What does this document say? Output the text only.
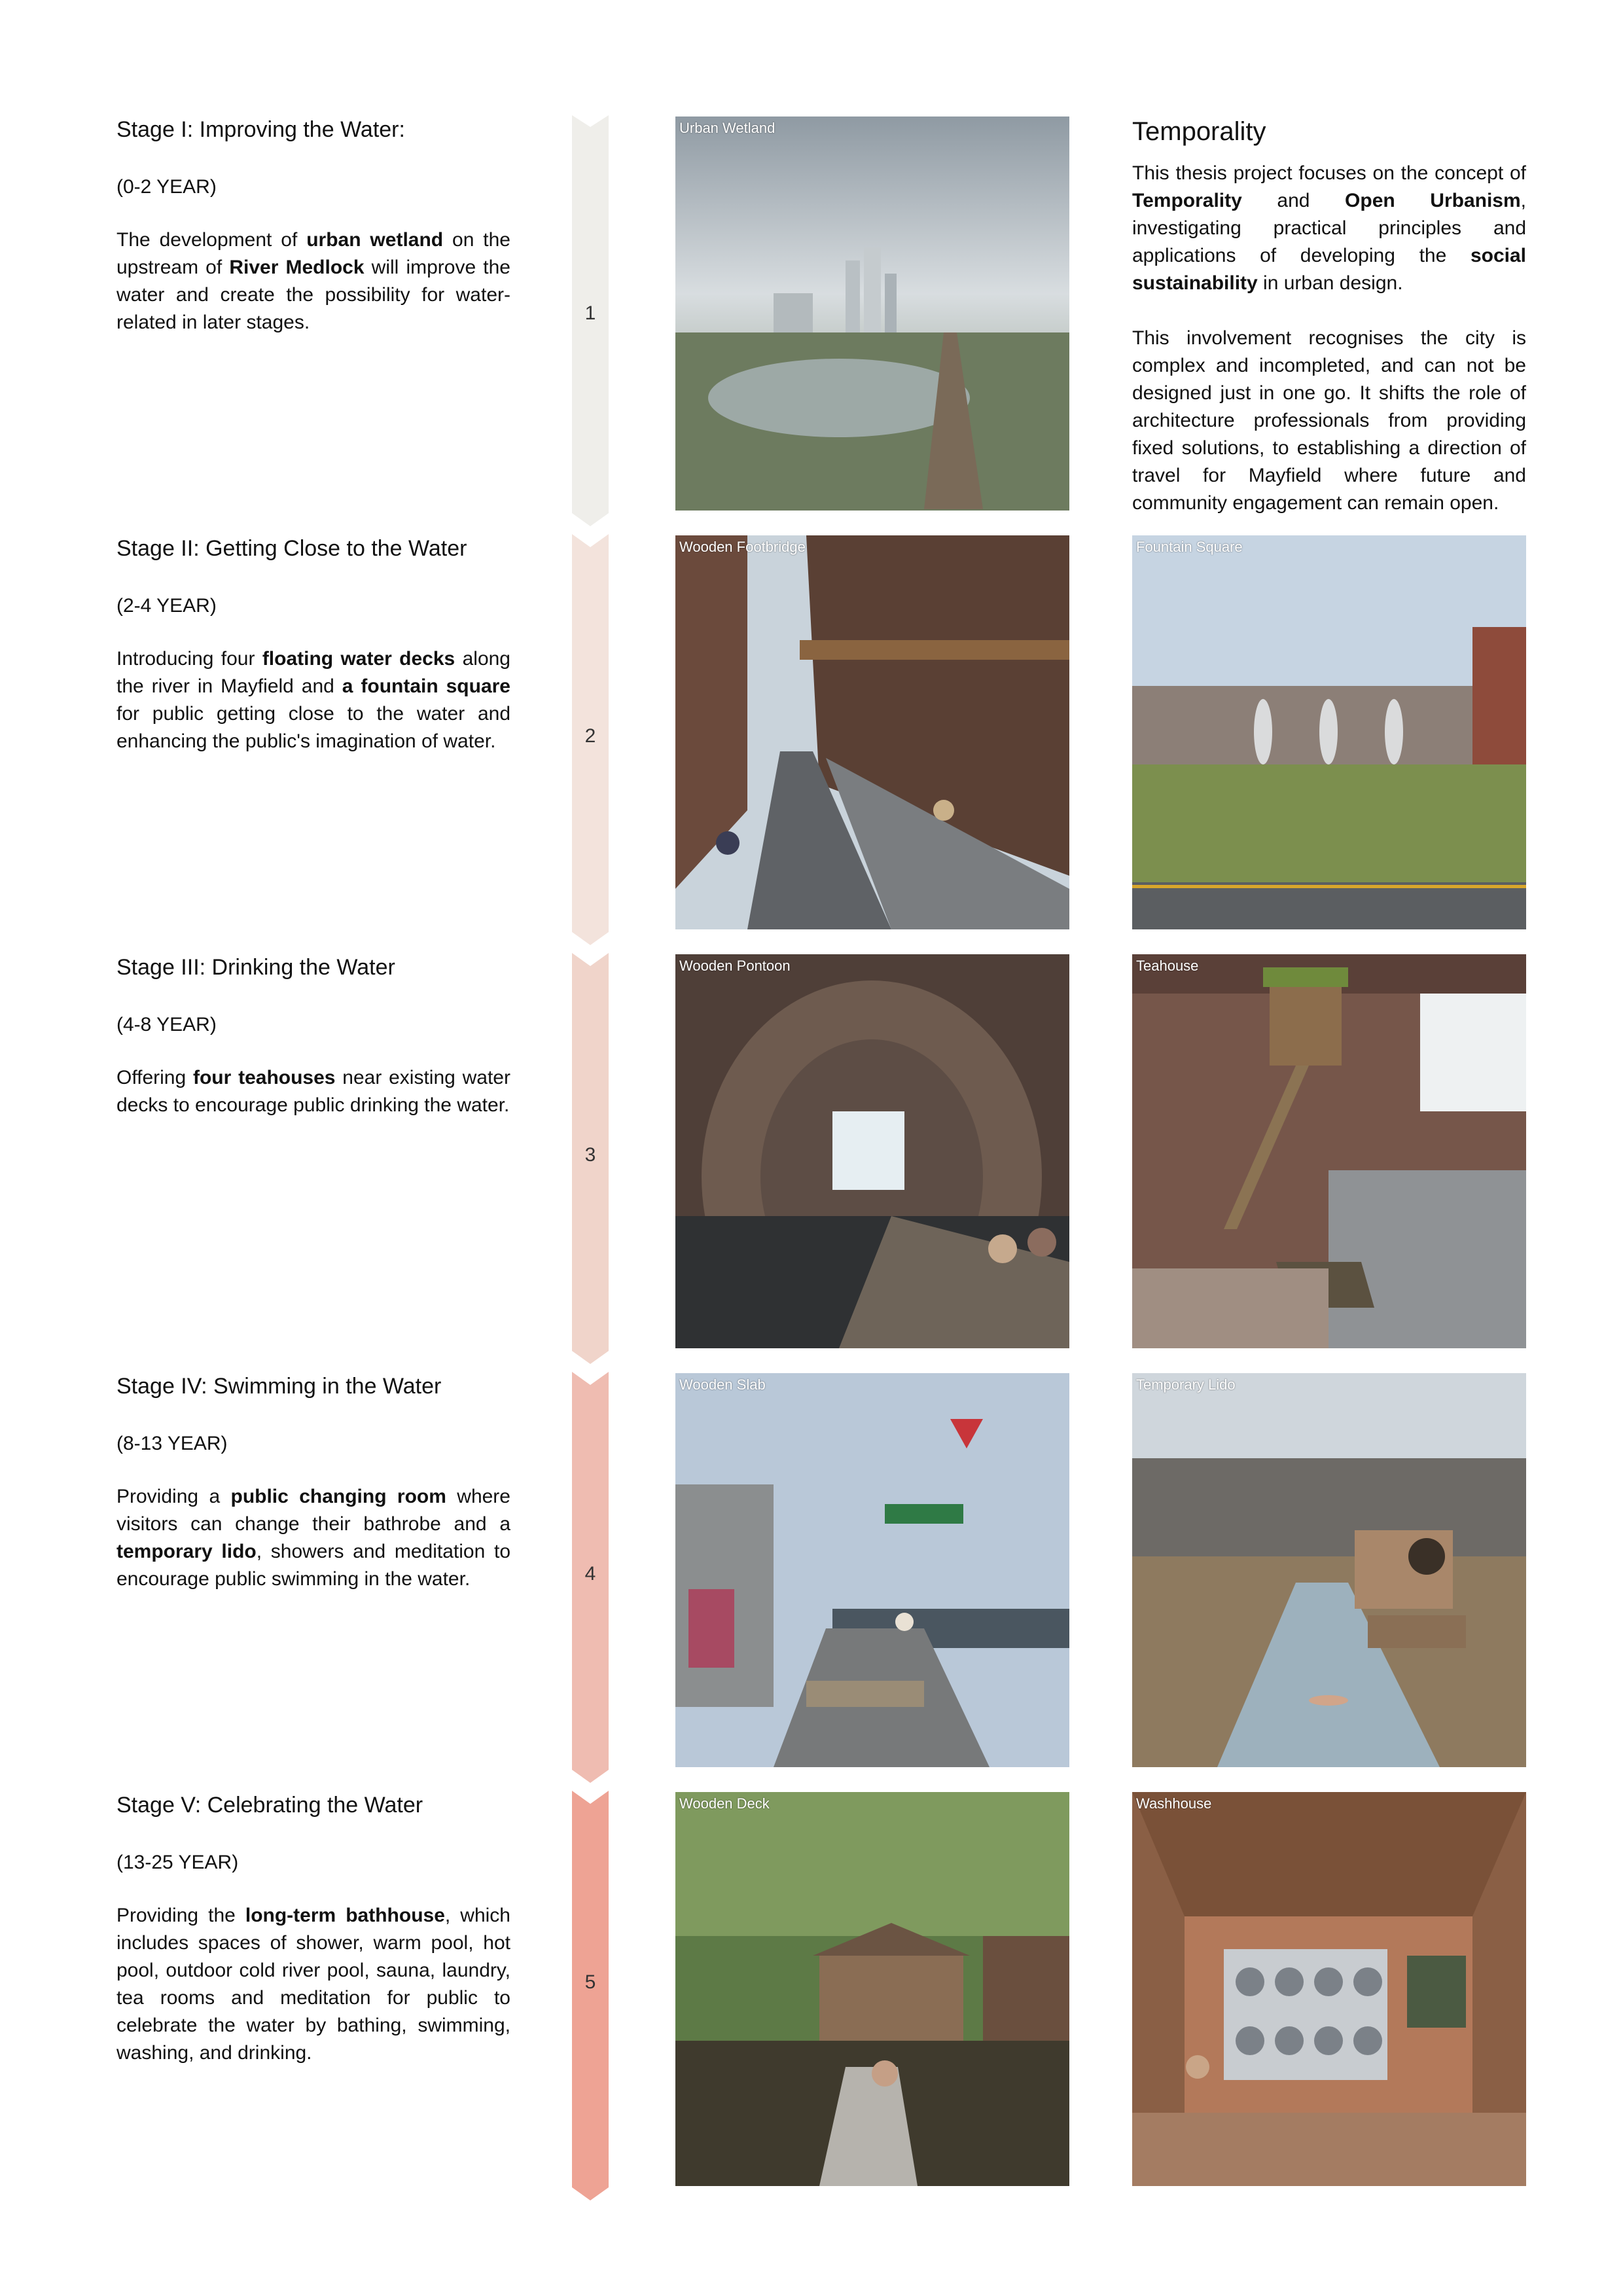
Temporality

This thesis project focuses on the concept of Temporality and Open Urbanism, investigating practical principles and applications of developing the social sustainability in urban design.

This involvement recognises the city is complex and incompleted, and can not be designed just in one go. It shifts the role of architecture professionals from providing fixed solutions, to establishing a direction of travel for Mayfield where future and community engagement can remain open.

Stage I: Improving the Water:
(0-2 YEAR)
The development of urban wetland on the upstream of River Medlock will improve the water and create the possibility for water-related in later stages.	1
Stage II: Getting Close to the Water
(2-4 YEAR)
Introducing four floating water decks along the river in Mayfield and a fountain square for public getting close to the water and enhancing the public's imagination of water.	2
Stage III: Drinking the Water
(4-8 YEAR)
Offering four teahouses near existing water decks to encourage public drinking the water.
3
Stage IV: Swimming in the Water
(8-13 YEAR)
Providing a public changing room where visitors can change their bathrobe and a temporary lido, showers and meditation to encourage public swimming in the water.	4
Stage V: Celebrating the Water
(13-25 YEAR)
Providing the long-term bathhouse, which includes spaces of shower, warm pool, hot pool, outdoor cold river pool, sauna, laundry, tea rooms and meditation for public to celebrate the water by bathing, swimming, washing, and drinking.
5
Urban Wetland
Wooden Footbridge	Fountain Square
Wooden Pontoon	Teahouse
Wooden Slab	Temporary Lido
Wooden Deck	Washhouse
